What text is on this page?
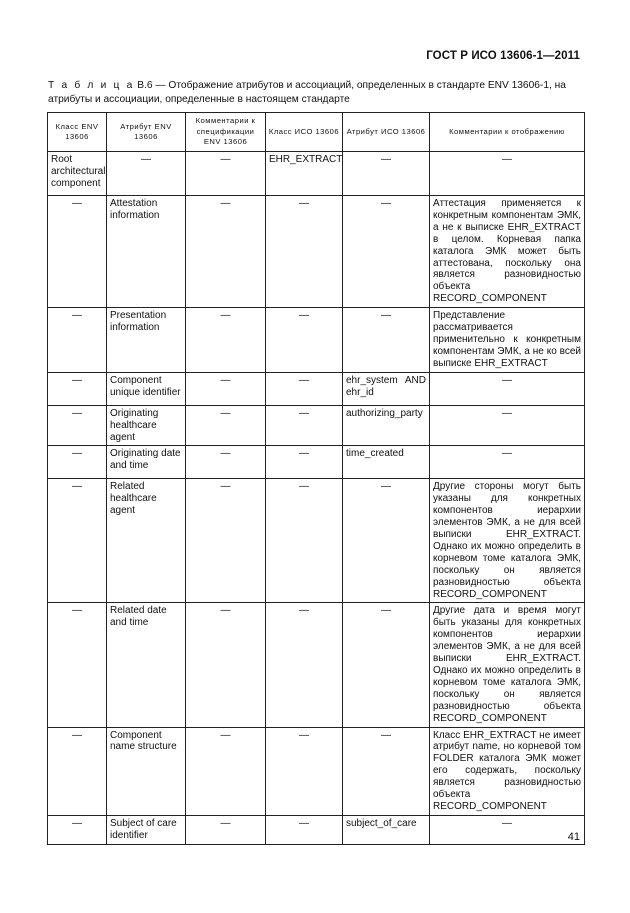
ГОСТ Р ИСО 13606-1—2011
Т а б л и ц а В.6 — Отображение атрибутов и ассоциаций, определенных в стандарте ENV 13606-1, на атрибуты и ассоциации, определенные в настоящем стандарте
Класс ENV 13606	Атрибут ENV 13606	Комментарии к спецификации ENV 13606	Класс ИСО 13606	Атрибут ИСО 13606	Комментарии к отображению
Root architectural component	—	—	EHR_EXTRACT	—	—
—	Attestation information	—	—	—	Аттестация применяется к конкретным компонентам ЭМК, а не к выписке EHR_EXTRACT в целом. Корневая папка каталога ЭМК может быть аттестована, поскольку она является разновидностью объекта RECORD_COMPONENT
—	Presentation information	—	—	—	Представление рассматривается применительно к конкретным компонентам ЭМК, а не ко всей выписке EHR_EXTRACT
—	Component unique identifier	—	—	ehr_system AND ehr_id	—
—	Originating healthcare agent	—	—	authorizing_party	—
—	Originating date and time	—	—	time_created	—
—	Related healthcare agent	—	—	—	Другие стороны могут быть указаны для конкретных компонентов иерархии элементов ЭМК, а не для всей выписки EHR_EXTRACT. Однако их можно определить в корневом томе каталога ЭМК, поскольку он является разновидностью объекта RECORD_COMPONENT
—	Related date and time	—	—	—	Другие дата и время могут быть указаны для конкретных компонентов иерархии элементов ЭМК, а не для всей выписки EHR_EXTRACT. Однако их можно определить в корневом томе каталога ЭМК, поскольку он является разновидностью объекта RECORD_COMPONENT
—	Component name structure	—	—	—	Класс EHR_EXTRACT не имеет атрибут name, но корневой том FOLDER каталога ЭМК может его содержать, поскольку является разновидностью объекта RECORD_COMPONENT
—	Subject of care identifier	—	—	subject_of_care	—
41
